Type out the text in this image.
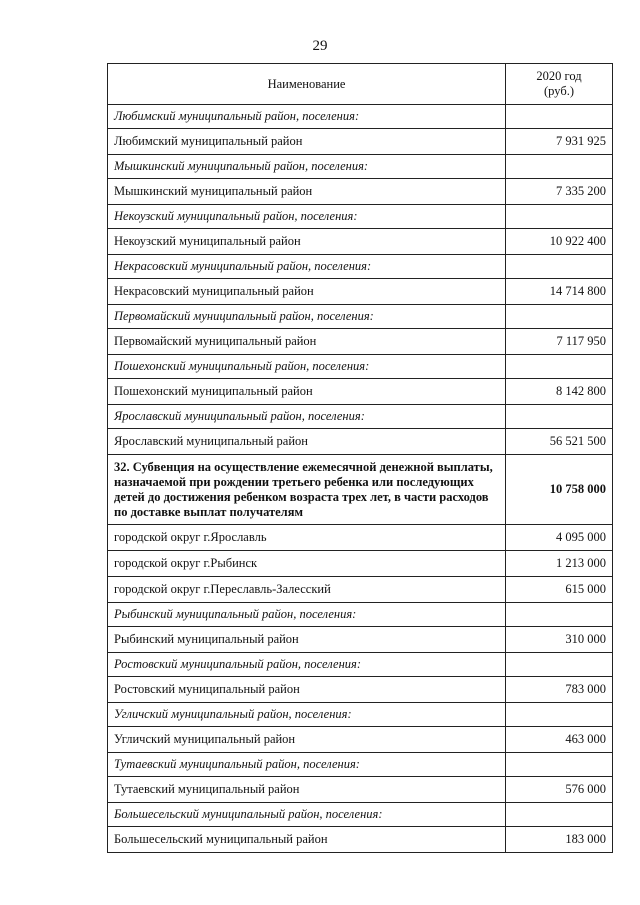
29
Наименование	2020 год
(руб.)

Любимский муниципальный район, поселения:	
Любимский муниципальный район	7 931 925
Мышкинский муниципальный район, поселения:	
Мышкинский муниципальный район	7 335 200
Некоузский муниципальный район, поселения:	
Некоузский муниципальный район	10 922 400
Некрасовский муниципальный район, поселения:	
Некрасовский муниципальный район	14 714 800
Первомайский муниципальный район, поселения:	
Первомайский муниципальный район	7 117 950
Пошехонский муниципальный район, поселения:	
Пошехонский муниципальный район	8 142 800
Ярославский муниципальный район, поселения:	
Ярославский муниципальный район	56 521 500
32. Субвенция на осуществление ежемесячной денежной выплаты, назначаемой при рождении третьего ребенка или последующих детей до достижения ребенком возраста трех лет, в части расходов по доставке выплат получателям	10 758 000
городской округ г.Ярославль	4 095 000
городской округ г.Рыбинск	1 213 000
городской округ г.Переславль-Залесский	615 000
Рыбинский муниципальный район, поселения:	
Рыбинский муниципальный район	310 000
Ростовский муниципальный район, поселения:	
Ростовский муниципальный район	783 000
Угличский муниципальный район, поселения:	
Угличский муниципальный район	463 000
Тутаевский муниципальный район, поселения:	
Тутаевский муниципальный район	576 000
Большесельский муниципальный район, поселения:	
Большесельский муниципальный район	183 000
